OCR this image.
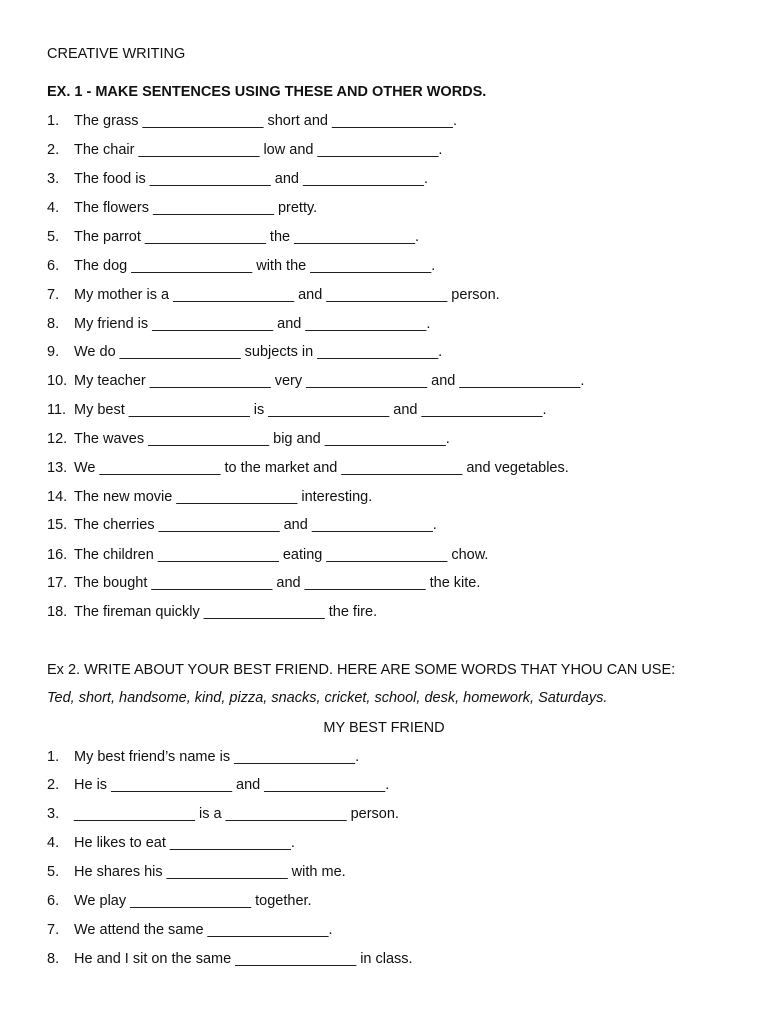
CREATIVE WRITING
EX. 1 - MAKE SENTENCES USING THESE AND OTHER WORDS.
1. The grass _______________ short and _______________.
2. The chair _______________ low and _______________.
3. The food is _______________ and _______________.
4. The flowers _______________ pretty.
5. The parrot _______________ the _______________.
6. The dog _______________ with the _______________.
7. My mother is a _______________ and _______________ person.
8. My friend is _______________ and _______________.
9. We do _______________ subjects in _______________.
10. My teacher _______________ very _______________ and _______________.
11. My best _______________ is _______________ and _______________.
12. The waves _______________ big and _______________.
13. We _______________ to the market and _______________ and vegetables.
14. The new movie _______________ interesting.
15. The cherries _______________ and _______________.
16. The children _______________ eating _______________ chow.
17. The bought _______________ and _______________ the kite.
18. The fireman quickly _______________ the fire.
Ex 2. WRITE ABOUT YOUR BEST FRIEND. HERE ARE SOME WORDS THAT YHOU CAN USE:
Ted, short, handsome, kind, pizza, snacks, cricket, school, desk, homework, Saturdays.
MY BEST FRIEND
1. My best friend’s name is _______________.
2. He is _______________ and _______________.
3. _______________ is a _______________ person.
4. He likes to eat _______________.
5. He shares his _______________ with me.
6. We play _______________ together.
7. We attend the same _______________.
8. He and I sit on the same _______________ in class.
